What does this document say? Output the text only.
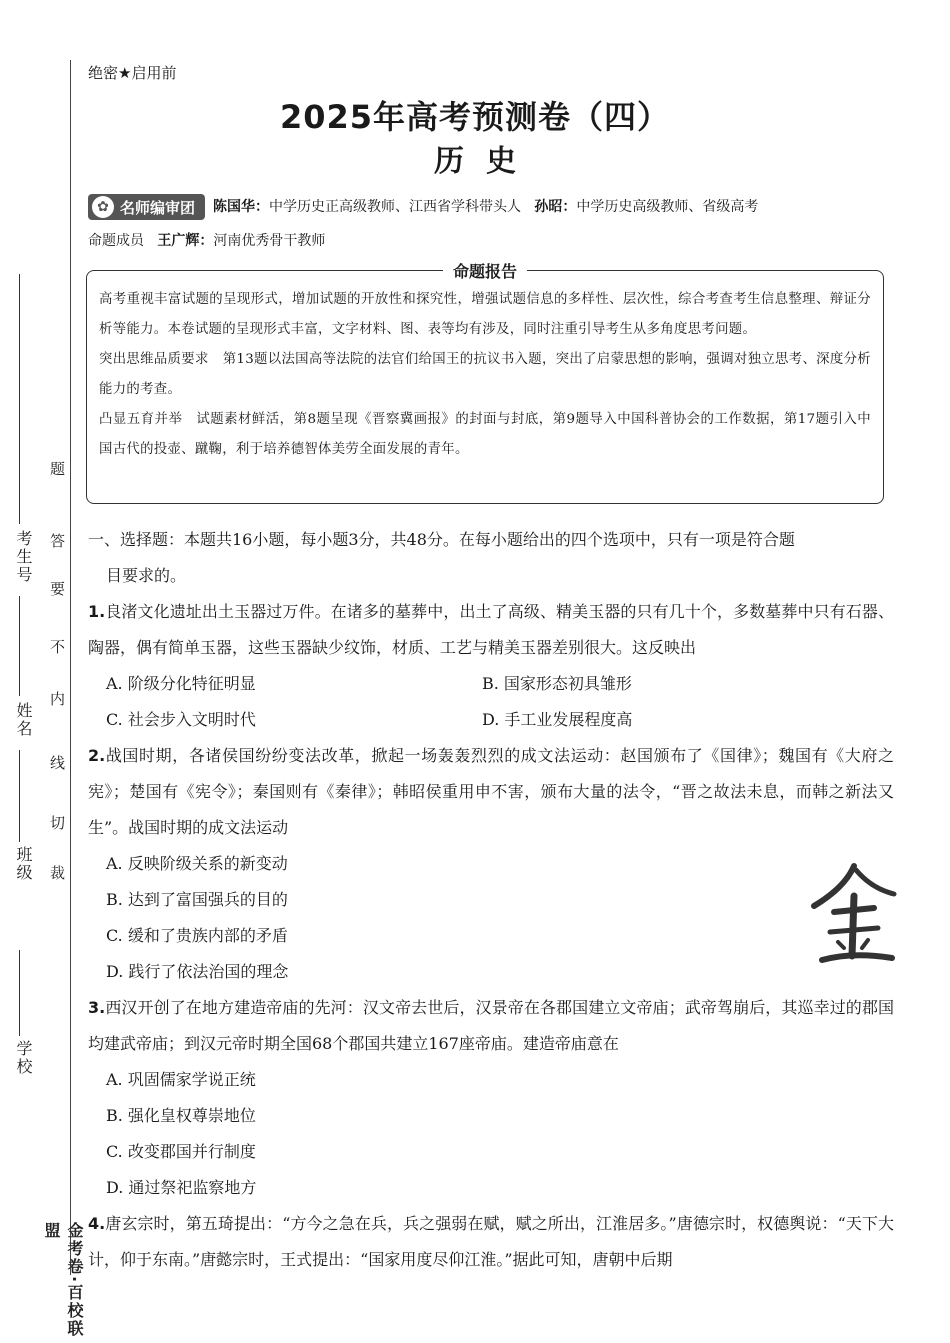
金考卷·百校联盟
学校
班级
姓名
考生号
题
答
要
不
内
线
切
裁
绝密★启用前
2025年高考预测卷（四）
历史
✿ 名师编审团 陈国华：中学历史正高级教师、江西省学科带头人 孙昭：中学历史高级教师、省级高考
命题成员 王广辉：河南优秀骨干教师
命题报告

高考重视丰富试题的呈现形式，增加试题的开放性和探究性，增强试题信息的多样性、层次性，综合考查考生信息整理、辩证分析等能力。本卷试题的呈现形式丰富，文字材料、图、表等均有涉及，同时注重引导考生从多角度思考问题。

突出思维品质要求 第13题以法国高等法院的法官们给国王的抗议书入题，突出了启蒙思想的影响，强调对独立思考、深度分析能力的考查。

凸显五育并举 试题素材鲜活，第8题呈现《晋察冀画报》的封面与封底，第9题导入中国科普协会的工作数据，第17题引入中国古代的投壶、蹴鞠，利于培养德智体美劳全面发展的青年。

一、选择题：本题共16小题，每小题3分，共48分。在每小题给出的四个选项中，只有一项是符合题
目要求的。

1.良渚文化遗址出土玉器过万件。在诸多的墓葬中，出土了高级、精美玉器的只有几十个，多数墓葬中只有石器、陶器，偶有简单玉器，这些玉器缺少纹饰，材质、工艺与精美玉器差别很大。这反映出

A. 阶级分化特征明显	B. 国家形态初具雏形
C. 社会步入文明时代	D. 手工业发展程度高

2.战国时期，各诸侯国纷纷变法改革，掀起一场轰轰烈烈的成文法运动：赵国颁布了《国律》；魏国有《大府之宪》；楚国有《宪令》；秦国则有《秦律》；韩昭侯重用申不害，颁布大量的法令，“晋之故法未息，而韩之新法又生”。战国时期的成文法运动

A. 反映阶级关系的新变动
B. 达到了富国强兵的目的
C. 缓和了贵族内部的矛盾
D. 践行了依法治国的理念

3.西汉开创了在地方建造帝庙的先河：汉文帝去世后，汉景帝在各郡国建立文帝庙；武帝驾崩后，其巡幸过的郡国均建武帝庙；到汉元帝时期全国68个郡国共建立167座帝庙。建造帝庙意在

A. 巩固儒家学说正统
B. 强化皇权尊崇地位
C. 改变郡国并行制度
D. 通过祭祀监察地方

4.唐玄宗时，第五琦提出：“方今之急在兵，兵之强弱在赋，赋之所出，江淮居多。”唐德宗时，权德舆说：“天下大计，仰于东南。”唐懿宗时，王式提出：“国家用度尽仰江淮。”据此可知，唐朝中后期
